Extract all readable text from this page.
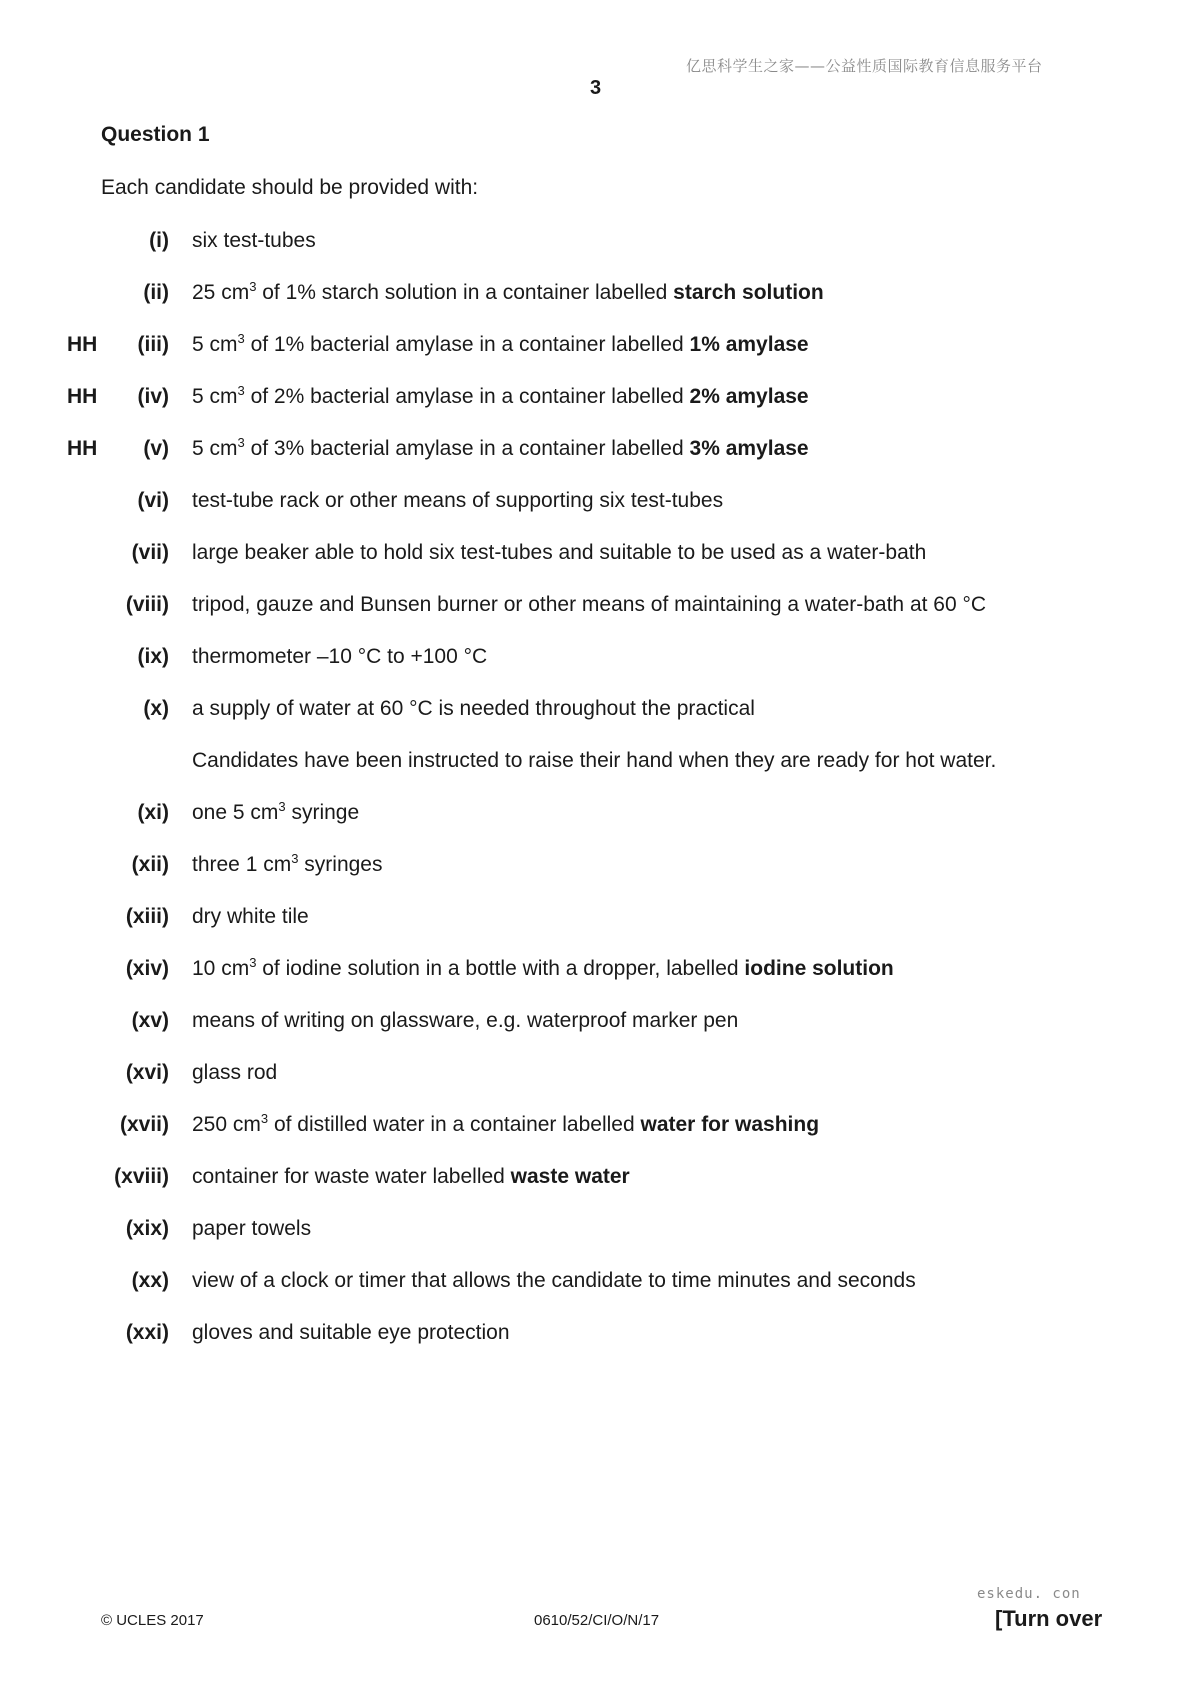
亿思科学生之家——公益性质国际教育信息服务平台
3
Question 1
Each candidate should be provided with:
(i) six test-tubes
(ii) 25 $cm^3$ of 1% starch solution in a container labelled starch solution
HH (iii) 5 $cm^3$ of 1% bacterial amylase in a container labelled 1% amylase
HH (iv) 5 $cm^3$ of 2% bacterial amylase in a container labelled 2% amylase
HH (v) 5 $cm^3$ of 3% bacterial amylase in a container labelled 3% amylase
(vi) test-tube rack or other means of supporting six test-tubes
(vii) large beaker able to hold six test-tubes and suitable to be used as a water-bath
(viii) tripod, gauze and Bunsen burner or other means of maintaining a water-bath at 60 °C
(ix) thermometer –10 °C to +100 °C
(x) a supply of water at 60 °C is needed throughout the practical
Candidates have been instructed to raise their hand when they are ready for hot water.
(xi) one 5 $cm^3$ syringe
(xii) three 1 $cm^3$ syringes
(xiii) dry white tile
(xiv) 10 $cm^3$ of iodine solution in a bottle with a dropper, labelled iodine solution
(xv) means of writing on glassware, e.g. waterproof marker pen
(xvi) glass rod
(xvii) 250 $cm^3$ of distilled water in a container labelled water for washing
(xviii) container for waste water labelled waste water
(xix) paper towels
(xx) view of a clock or timer that allows the candidate to time minutes and seconds
(xxi) gloves and suitable eye protection
© UCLES 2017	0610/52/CI/O/N/17
eskedu. con
[Turn over
